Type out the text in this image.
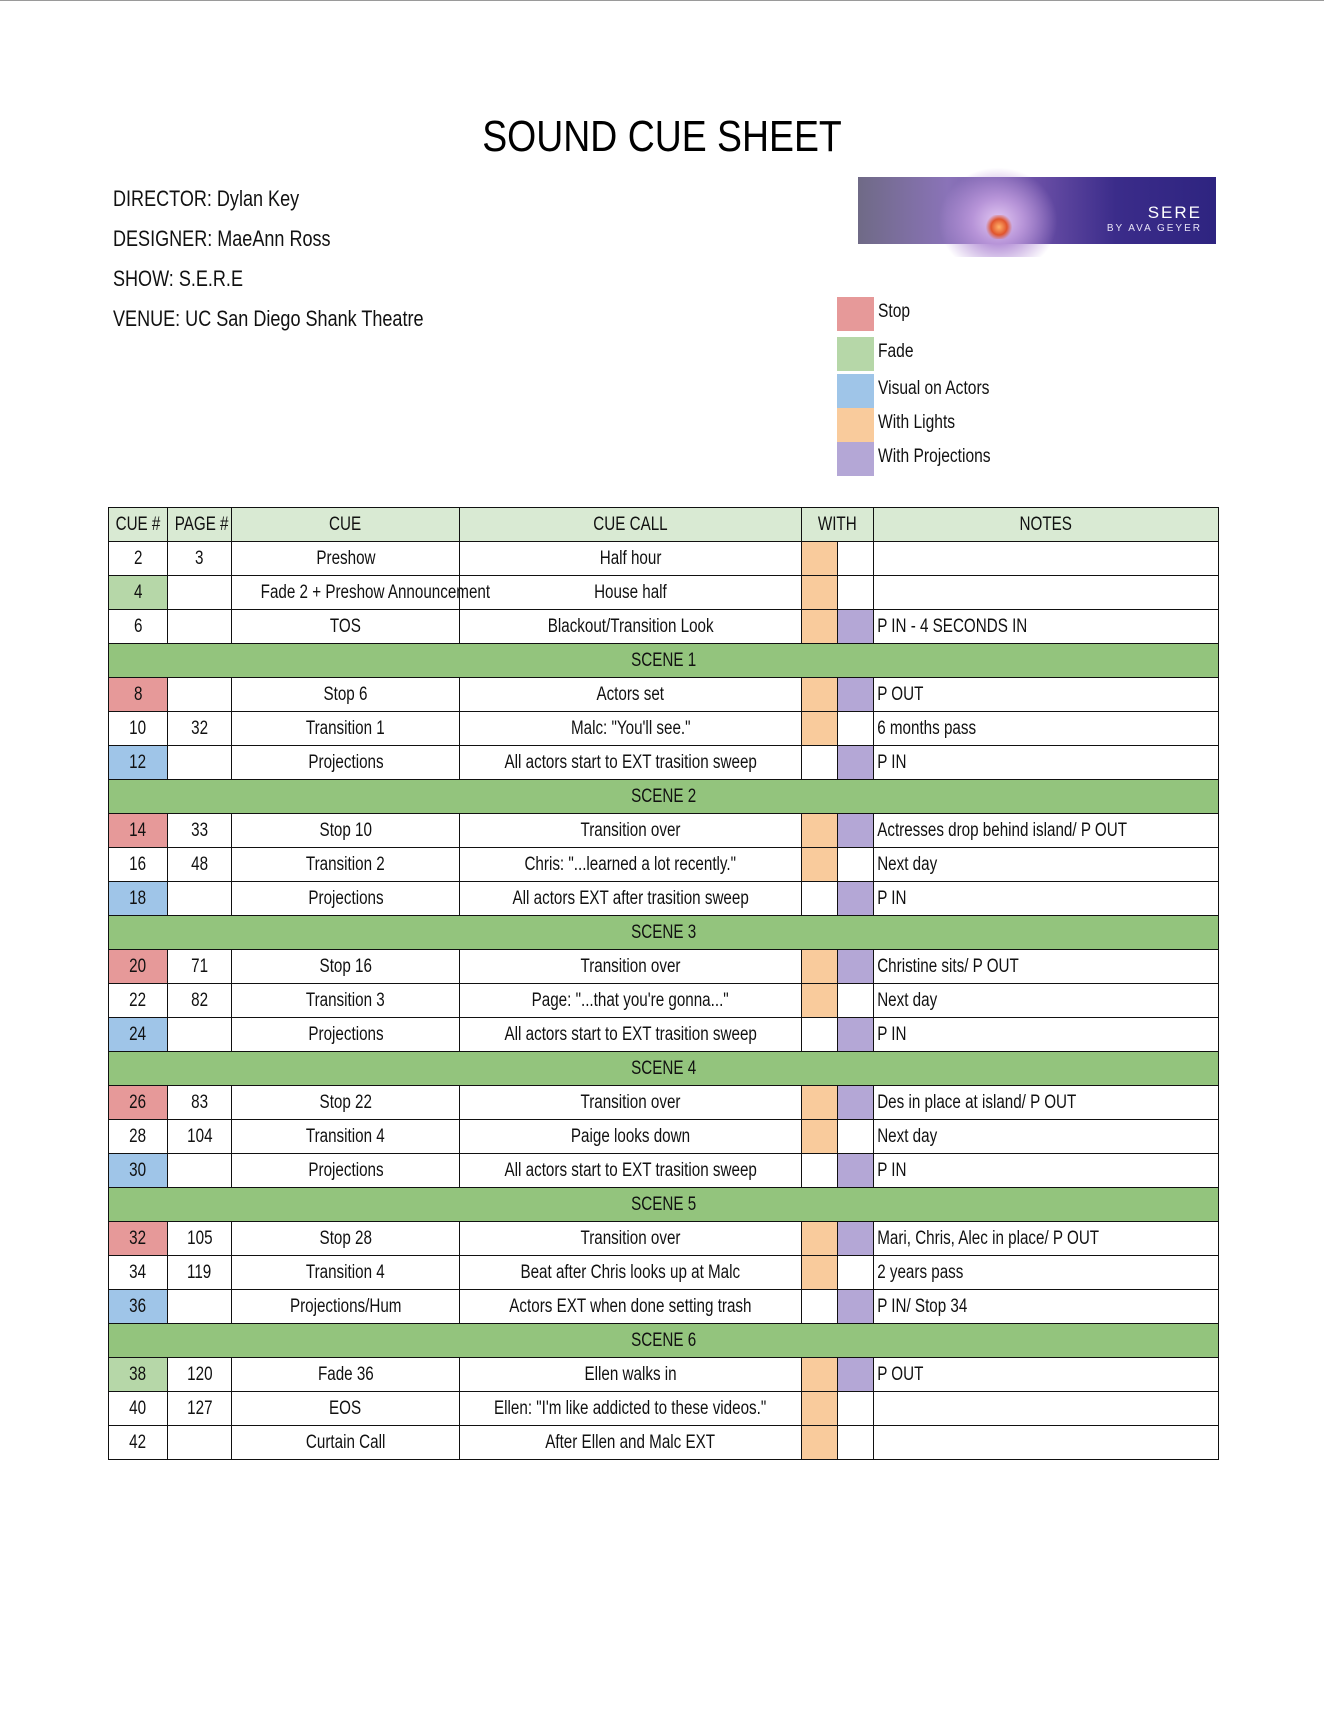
SOUND CUE SHEET
DIRECTOR: Dylan Key
DESIGNER: MaeAnn Ross
SHOW: S.E.R.E
VENUE: UC San Diego Shank Theatre
SERE
BY AVA GEYER
Stop
Fade
Visual on Actors
With Lights
With Projections
CUE #	PAGE #	CUE	CUE CALL	WITH		NOTES
2	3	Preshow	Half hour			
4		Fade 2 + Preshow Announcement	House half			
6		TOS	Blackout/Transition Look			P IN - 4 SECONDS IN
SCENE 1						
8		Stop 6	Actors set			P OUT
10	32	Transition 1	Malc: "You'll see."			6 months pass
12		Projections	All actors start to EXT trasition sweep			P IN
SCENE 2						
14	33	Stop 10	Transition over			Actresses drop behind island/ P OUT
16	48	Transition 2	Chris: "...learned a lot recently."			Next day
18		Projections	All actors EXT after trasition sweep			P IN
SCENE 3						
20	71	Stop 16	Transition over			Christine sits/ P OUT
22	82	Transition 3	Page: "...that you're gonna..."			Next day
24		Projections	All actors start to EXT trasition sweep			P IN
SCENE 4						
26	83	Stop 22	Transition over			Des in place at island/ P OUT
28	104	Transition 4	Paige looks down			Next day
30		Projections	All actors start to EXT trasition sweep			P IN
SCENE 5						
32	105	Stop 28	Transition over			Mari, Chris, Alec in place/ P OUT
34	119	Transition 4	Beat after Chris looks up at Malc			2 years pass
36		Projections/Hum	Actors EXT when done setting trash			P IN/ Stop 34
SCENE 6						
38	120	Fade 36	Ellen walks in			P OUT
40	127	EOS	Ellen: "I'm like addicted to these videos."			
42		Curtain Call	After Ellen and Malc EXT			
